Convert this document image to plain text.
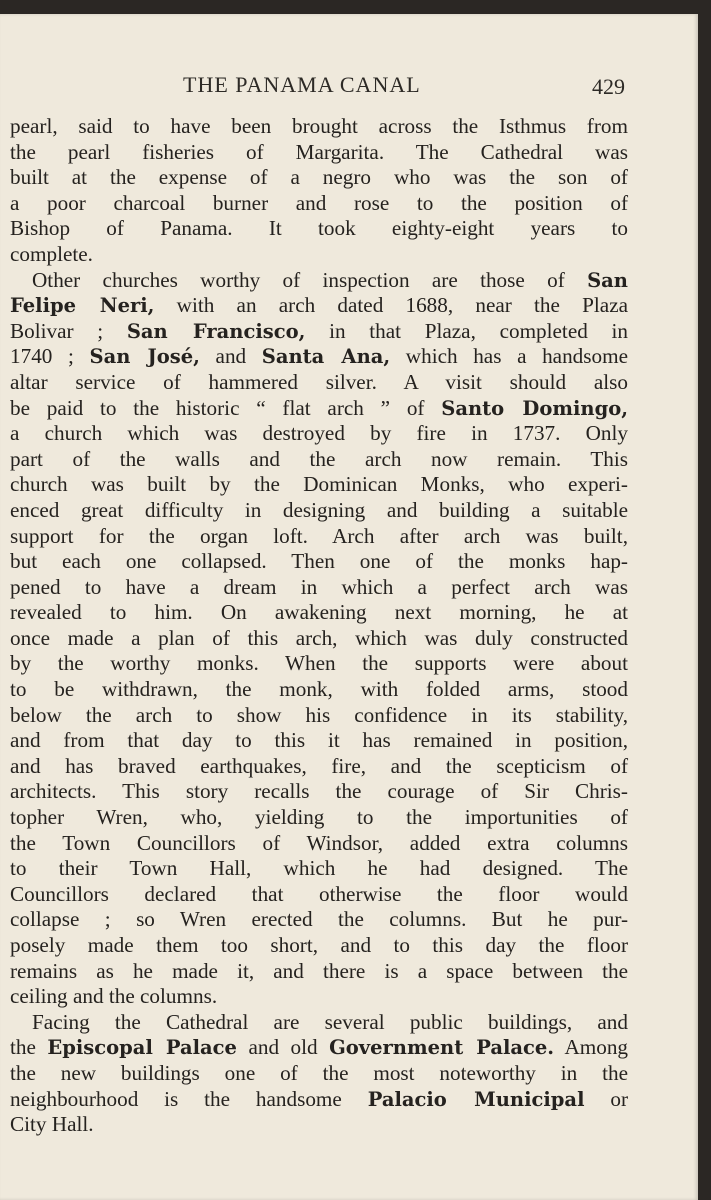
THE PANAMA CANAL	429
pearl, said to have been brought across the Isthmus from
the pearl fisheries of Margarita. The Cathedral was
built at the expense of a negro who was the son of
a poor charcoal burner and rose to the position of
Bishop of Panama. It took eighty-eight years to
complete.
Other churches worthy of inspection are those of San
Felipe Neri, with an arch dated 1688, near the Plaza
Bolivar ; San Francisco, in that Plaza, completed in
1740 ; San José, and Santa Ana, which has a handsome
altar service of hammered silver. A visit should also
be paid to the historic “ flat arch ” of Santo Domingo,
a church which was destroyed by fire in 1737. Only
part of the walls and the arch now remain. This
church was built by the Dominican Monks, who experi-
enced great difficulty in designing and building a suitable
support for the organ loft. Arch after arch was built,
but each one collapsed. Then one of the monks hap-
pened to have a dream in which a perfect arch was
revealed to him. On awakening next morning, he at
once made a plan of this arch, which was duly constructed
by the worthy monks. When the supports were about
to be withdrawn, the monk, with folded arms, stood
below the arch to show his confidence in its stability,
and from that day to this it has remained in position,
and has braved earthquakes, fire, and the scepticism of
architects. This story recalls the courage of Sir Chris-
topher Wren, who, yielding to the importunities of
the Town Councillors of Windsor, added extra columns
to their Town Hall, which he had designed. The
Councillors declared that otherwise the floor would
collapse ; so Wren erected the columns. But he pur-
posely made them too short, and to this day the floor
remains as he made it, and there is a space between the
ceiling and the columns.
Facing the Cathedral are several public buildings, and
the Episcopal Palace and old Government Palace. Among
the new buildings one of the most noteworthy in the
neighbourhood is the handsome Palacio Municipal or
City Hall.
